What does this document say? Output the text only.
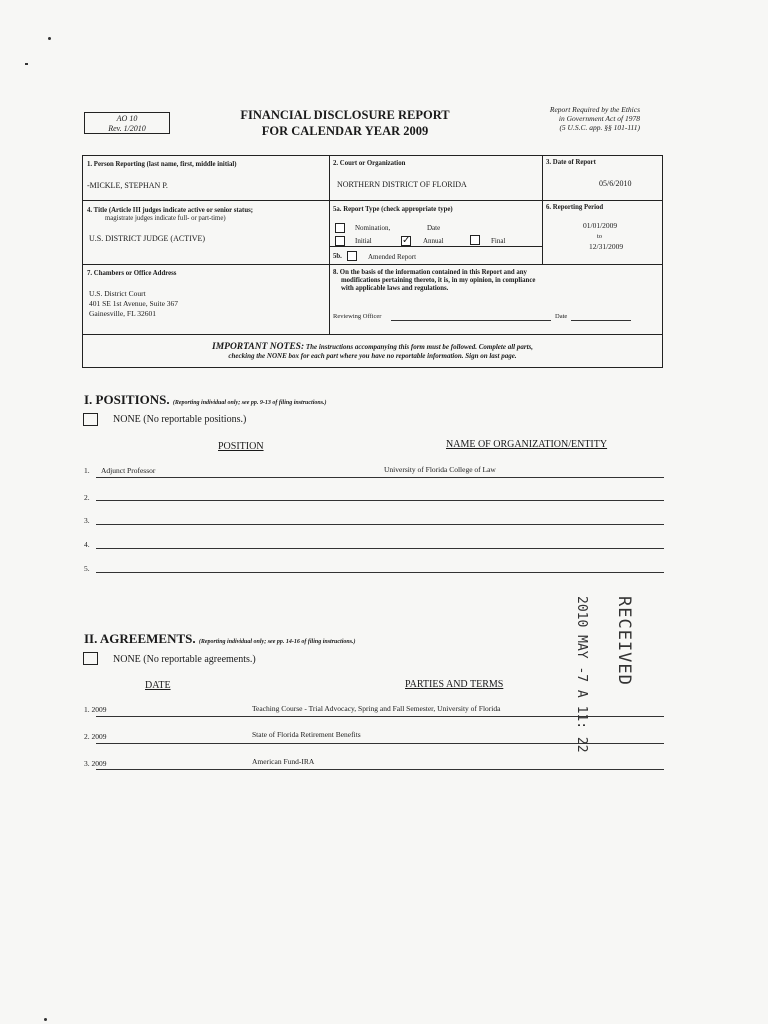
AO 10
Rev. 1/2010
FINANCIAL DISCLOSURE REPORT
FOR CALENDAR YEAR 2009
Report Required by the Ethics
in Government Act of 1978
(5 U.S.C. app. §§ 101-111)
1. Person Reporting (last name, first, middle initial)
-MICKLE, STEPHAN P.
2. Court or Organization
NORTHERN DISTRICT OF FLORIDA
3. Date of Report
05/6/2010
4. Title (Article III judges indicate active or senior status;
magistrate judges indicate full- or part-time)
U.S. DISTRICT JUDGE (ACTIVE)
5a. Report Type (check appropriate type)
Nomination,	Date
Initial	✓ Annual	Final
5b.	Amended Report
6. Reporting Period
01/01/2009
to
12/31/2009
7. Chambers or Office Address
U.S. District Court
401 SE 1st Avenue, Suite 367
Gainesville, FL 32601
8. On the basis of the information contained in this Report and any
modifications pertaining thereto, it is, in my opinion, in compliance
with applicable laws and regulations.
Reviewing Officer	Date
IMPORTANT NOTES: The instructions accompanying this form must be followed. Complete all parts,
checking the NONE box for each part where you have no reportable information. Sign on last page.
I. POSITIONS. (Reporting individual only; see pp. 9-13 of filing instructions.)
NONE (No reportable positions.)
POSITION	NAME OF ORGANIZATION/ENTITY
1. Adjunct Professor	University of Florida College of Law
2.
3.
4.
5.
II. AGREEMENTS. (Reporting individual only; see pp. 14-16 of filing instructions.)
NONE (No reportable agreements.)
DATE	PARTIES AND TERMS
1. 2009	Teaching Course - Trial Advocacy, Spring and Fall Semester, University of Florida
2. 2009	State of Florida Retirement Benefits
3. 2009	American Fund-IRA
RECEIVED
2010 MAY -7 A 11: 22
